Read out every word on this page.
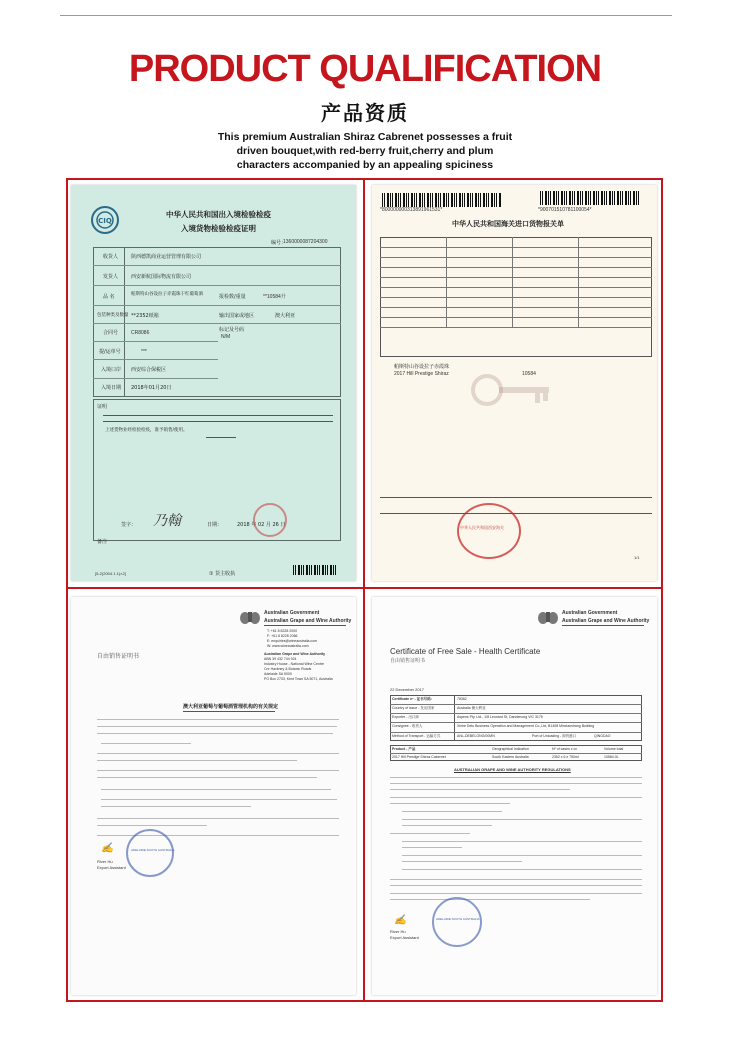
PRODUCT QUALIFICATION
产品资质
This premium Australian Shiraz Cabrenet possesses a fruit
driven bouquet,with red-berry fruit,cherry and plum
characters accompanied by an appealing spiciness
CIQ
中华人民共和国出入境检验检疫
入境货物检验检疫证明
编号：
1360000087204300
收货人	陕西德凯商业运营管理有限公司
发货人	西安新航国际物流有限公司
品 名	帕斯特山谷设拉子赤霞珠干红葡萄酒	报检数/重量	**10584升
包装种类及数量 **2352纸箱	输出国家或地区	澳大利亚
合同号	CR8086	标记及号码
N/M
提/运单号	***
入境口岸 西安综合保税区
入境日期 2018年01月20日
证明
上述货物业经检验检疫，准予销售/使用。
签字： 乃翰	日期：	2018 年 02 月 26 日
备注
[5-2(2004.1.1)×2]	① 货主收执
*800000000313891961531*	*900701510781100054*
中华人民共和国海关进口货物报关单
帕斯特山谷设拉子赤霞珠
2017 Hill Prestige Shiraz	10584
中华人民共和国西安海关
1/1
Australian Government
Australian Grape and Wine Authority
T: +61 8 8228 2000
F: +61 8 8228 2066
E: enquiries@wineaustralia.com
W: www.wineaustralia.com
Australian Grape and Wine Authority
ABN 39 432 744 924
Industry House - National Wine Centre
Cnr Hackney & Botanic Roads
Adelaide SA 5000
PO Box 2733, Kent Town SA 5071, Australia
自由销售证明书
澳大利亚葡萄与葡萄酒管理机构的有关规定
ADELAIDE SOUTH AUSTRALIA
✍
River Hu
Export Assistant
Australian Government
Australian Grape and Wine Authority
Certificate of Free Sale - Health Certificate
自由销售证明书
22 December 2017
Certificate nº - 证书号码:	78362
Country of issue - 发出国家	Australia 澳大利亚
Exporter - 出口商	Aspens Pty. Ltd., 1/8 Leonard St, Dandenong VIC 3175
Consignee - 收货人	Xinhe Delu Business Operation and Management Co.,Ltd, B1408 Minxianshang Building
Method of Transport - 运输方式	ANL-DEBELONG/00MN	Port of Unloading - 卸货港口	QINGDAO
Product - 产品	Geographical Indication	Nº of cases x cc	Volume total
2017 Hill Prestige Shiraz Cabernet	South Eastern Australia	2352 x 6 x 750ml	10584.0L
AUSTRALIAN GRAPE AND WINE AUTHORITY REGULATIONS
ADELAIDE SOUTH AUSTRALIA
✍
River Hu
Export Assistant
